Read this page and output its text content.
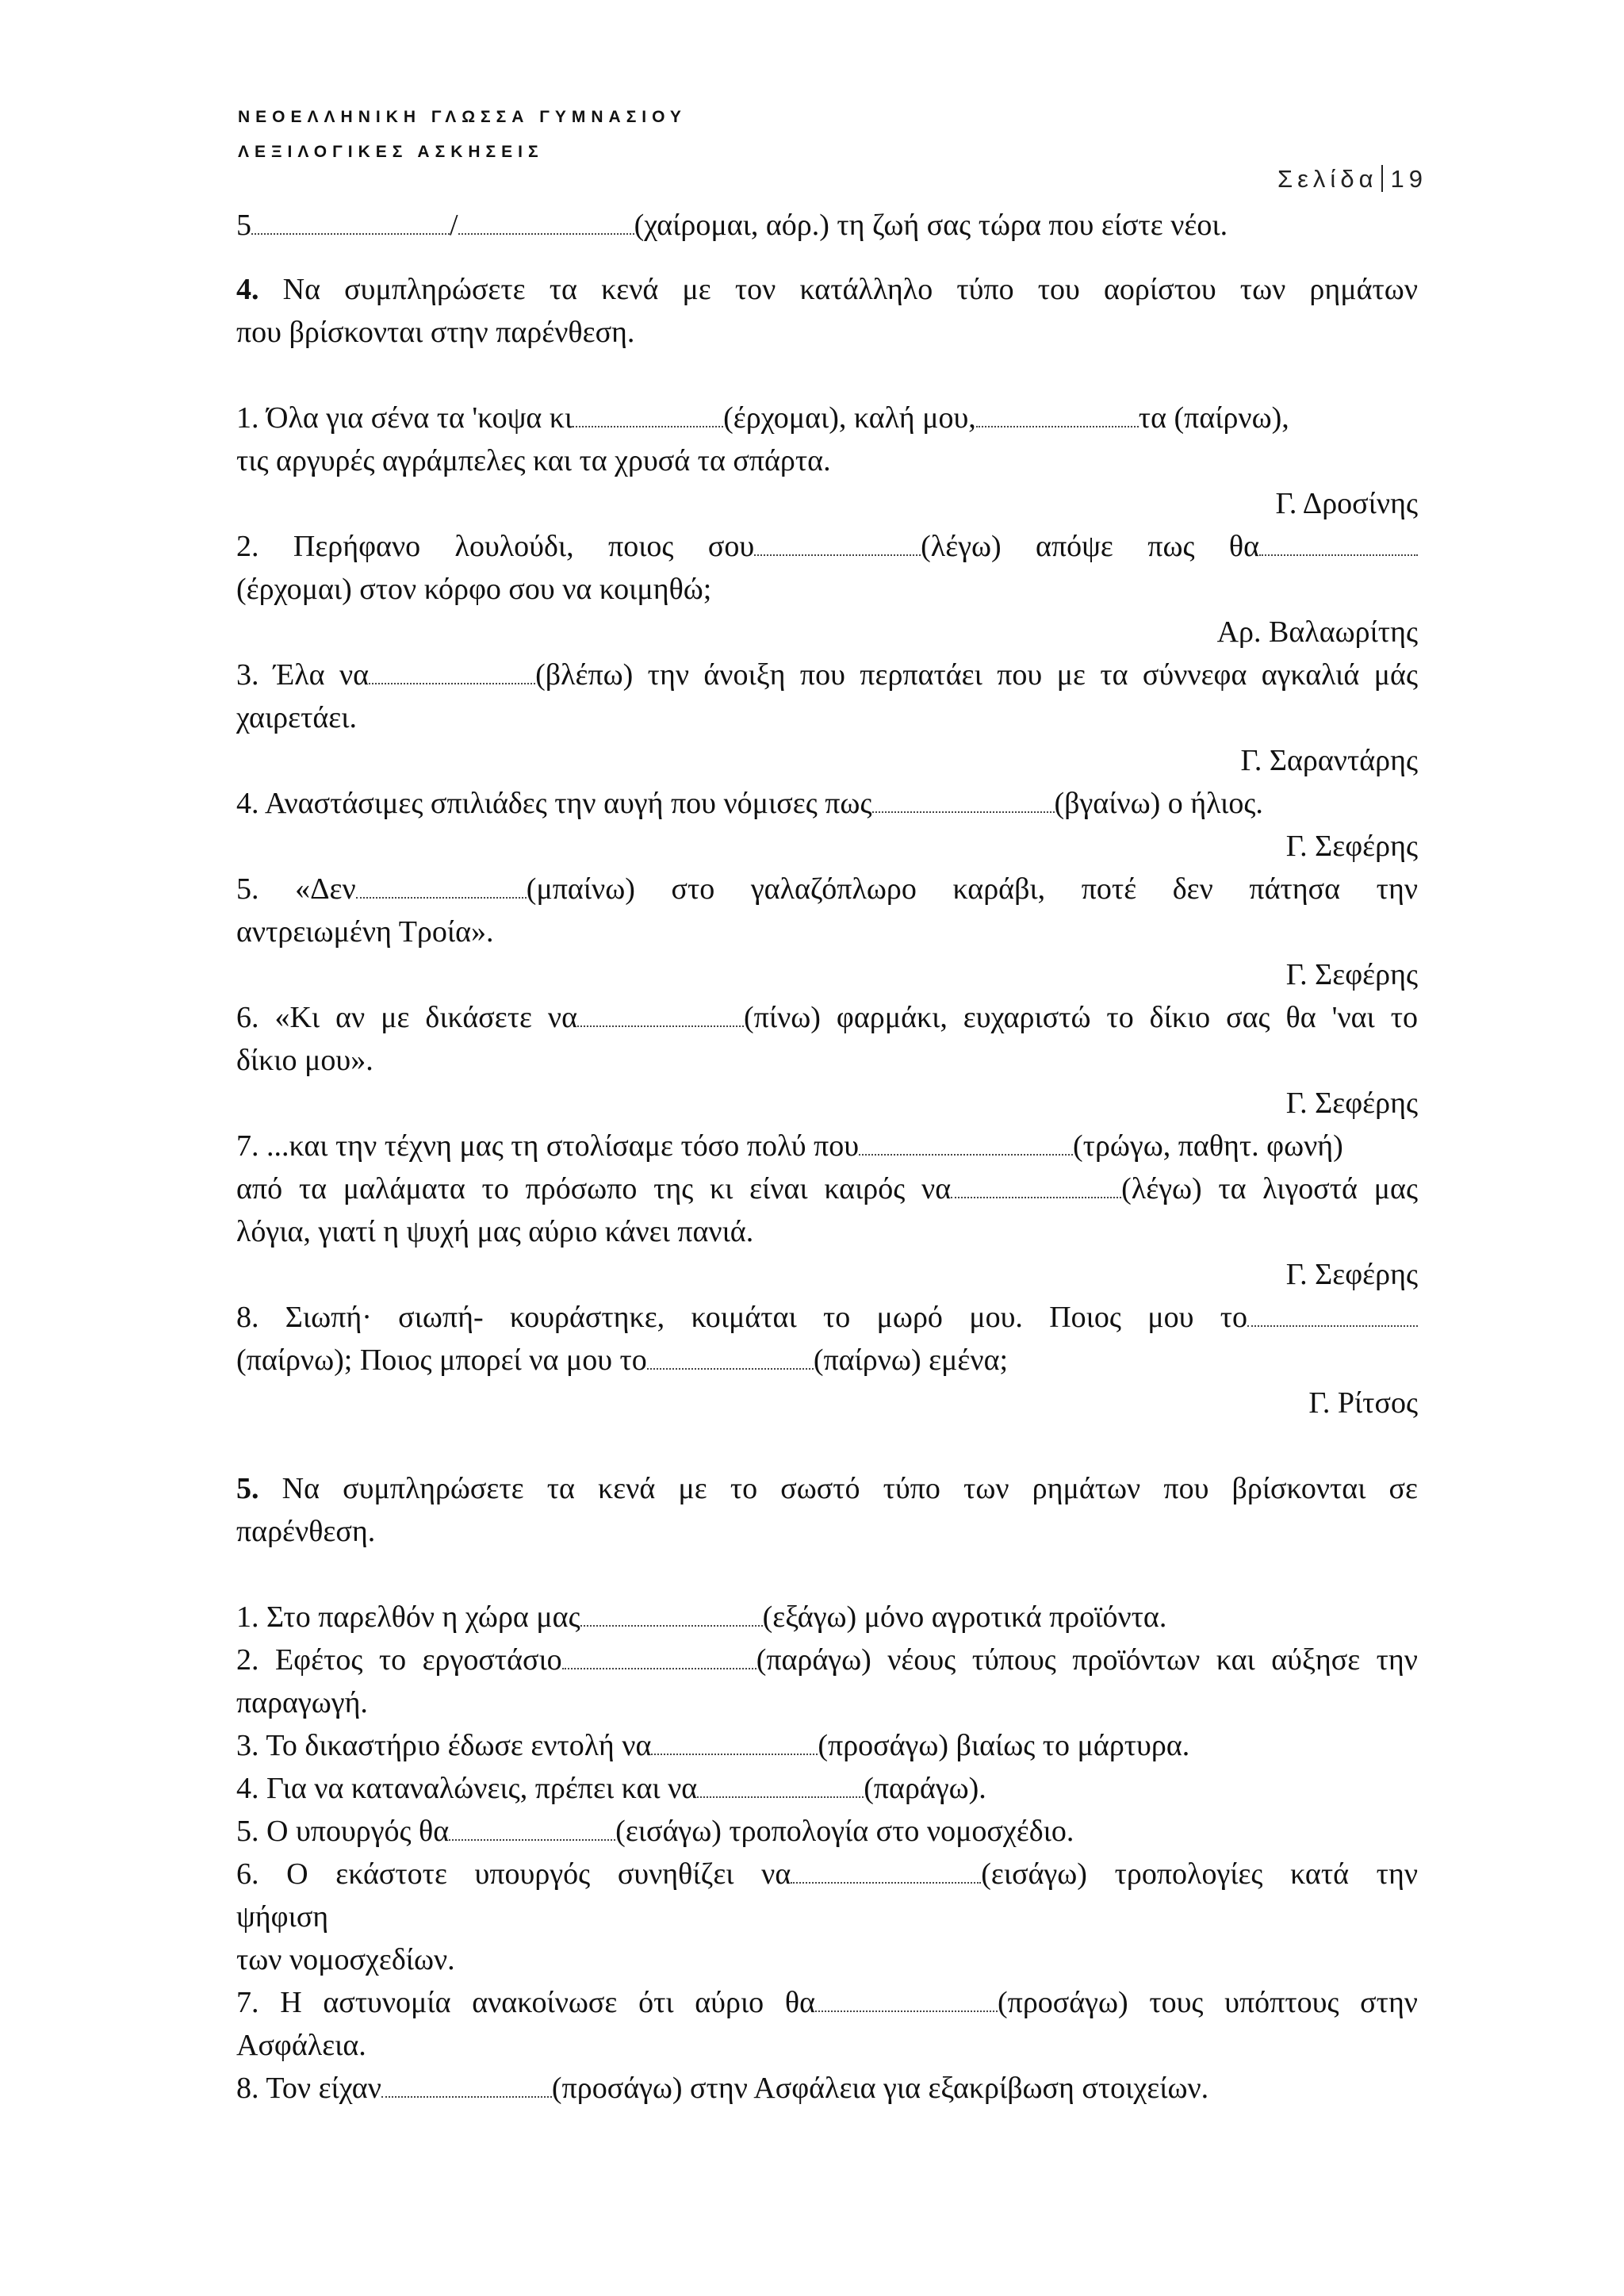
ΝΕΟΕΛΛΗΝΙΚΗ ΓΛΩΣΣΑ ΓΥΜΝΑΣΙΟΥ
ΛΕΞΙΛΟΓΙΚΕΣ ΑΣΚΗΣΕΙΣ
Σελίδα 19
5	/	(χαίρομαι, αόρ.) τη ζωή σας τώρα που είστε νέοι.
4. Να συμπληρώσετε τα κενά με τον κατάλληλο τύπο του αορίστου των ρημάτων
που βρίσκονται στην παρένθεση.
1. Όλα για σένα τα 'κοψα κι	(έρχομαι), καλή μου,	τα (παίρνω),
τις αργυρές αγράμπελες και τα χρυσά τα σπάρτα.
Γ. Δροσίνης
2. Περήφανο λουλούδι, ποιος σου	(λέγω) απόψε πως θα
(έρχομαι) στον κόρφο σου να κοιμηθώ;
Αρ. Βαλαωρίτης
3. Έλα να	(βλέπω) την άνοιξη που περπατάει που με τα σύννεφα αγκαλιά μάς
χαιρετάει.
Γ. Σαραντάρης
4. Αναστάσιμες σπιλιάδες την αυγή που νόμισες πως	(βγαίνω) ο ήλιος.
Γ. Σεφέρης
5. «Δεν	(μπαίνω) στο γαλαζόπλωρο καράβι, ποτέ δεν πάτησα την
αντρειωμένη Τροία».
Γ. Σεφέρης
6. «Κι αν με δικάσετε να	(πίνω) φαρμάκι, ευχαριστώ το δίκιο σας θα 'ναι το
δίκιο μου».
Γ. Σεφέρης
7. ...και την τέχνη μας τη στολίσαμε τόσο πολύ που	(τρώγω, παθητ. φωνή)
από τα μαλάματα το πρόσωπο της κι είναι καιρός να	(λέγω) τα λιγοστά μας
λόγια, γιατί η ψυχή μας αύριο κάνει πανιά.
Γ. Σεφέρης
8. Σιωπή· σιωπή- κουράστηκε, κοιμάται το μωρό μου. Ποιος μου το
(παίρνω); Ποιος μπορεί να μου το	(παίρνω) εμένα;
Γ. Ρίτσος
5. Να συμπληρώσετε τα κενά με το σωστό τύπο των ρημάτων που βρίσκονται σε
παρένθεση.
1. Στο παρελθόν η χώρα μας	(εξάγω) μόνο αγροτικά προϊόντα.
2. Εφέτος το εργοστάσιο	(παράγω) νέους τύπους προϊόντων και αύξησε την
παραγωγή.
3. Το δικαστήριο έδωσε εντολή να	(προσάγω) βιαίως το μάρτυρα.
4. Για να καταναλώνεις, πρέπει και να	(παράγω).
5. Ο υπουργός θα	(εισάγω) τροπολογία στο νομοσχέδιο.
6. Ο εκάστοτε υπουργός συνηθίζει να	(εισάγω) τροπολογίες κατά την
ψήφιση
των νομοσχεδίων.
7. Η αστυνομία ανακοίνωσε ότι αύριο θα	(προσάγω) τους υπόπτους στην
Ασφάλεια.
8. Τον είχαν	(προσάγω) στην Ασφάλεια για εξακρίβωση στοιχείων.
